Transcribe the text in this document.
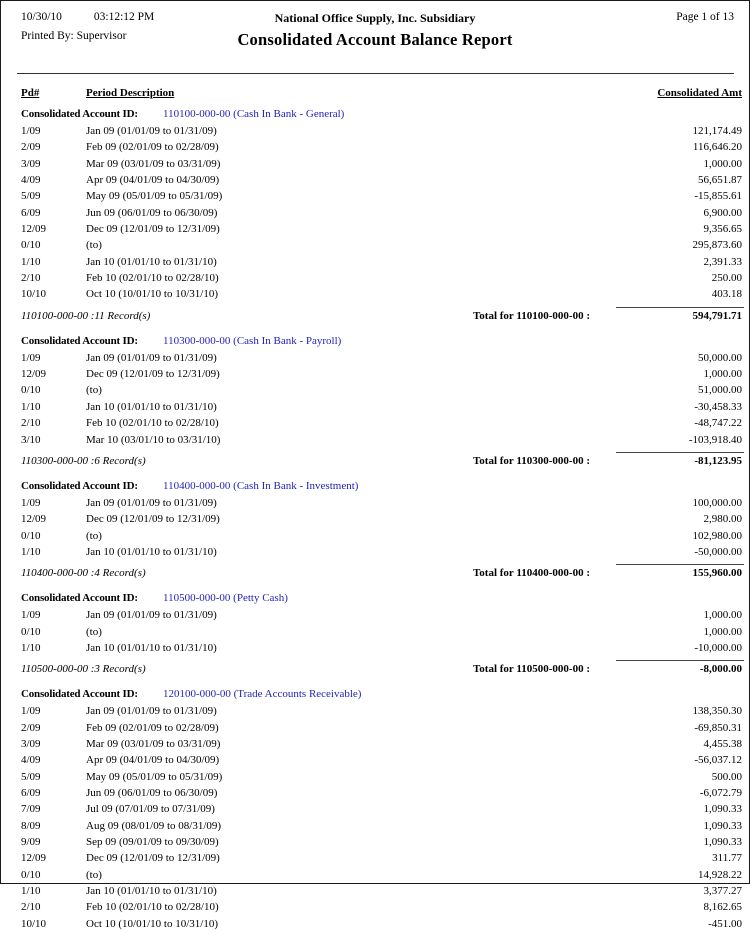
10/30/10	03:12:12 PM
Printed By: Supervisor
National Office Supply, Inc. Subsidiary
Consolidated Account Balance Report
Page 1 of 13
Pd#	Period Description	Consolidated Amt
Consolidated Account ID:	110100-000-00 (Cash In Bank - General)
1/09	Jan 09 (01/01/09 to 01/31/09)	121,174.49
2/09	Feb 09 (02/01/09 to 02/28/09)	116,646.20
3/09	Mar 09 (03/01/09 to 03/31/09)	1,000.00
4/09	Apr 09 (04/01/09 to 04/30/09)	56,651.87
5/09	May 09 (05/01/09 to 05/31/09)	-15,855.61
6/09	Jun 09 (06/01/09 to 06/30/09)	6,900.00
12/09	Dec 09 (12/01/09 to 12/31/09)	9,356.65
0/10	(to)	295,873.60
1/10	Jan 10 (01/01/10 to 01/31/10)	2,391.33
2/10	Feb 10 (02/01/10 to 02/28/10)	250.00
10/10	Oct 10 (10/01/10 to 10/31/10)	403.18
110100-000-00 :11 Record(s)	Total for 110100-000-00 :	594,791.71
Consolidated Account ID:	110300-000-00 (Cash In Bank - Payroll)
1/09	Jan 09 (01/01/09 to 01/31/09)	50,000.00
12/09	Dec 09 (12/01/09 to 12/31/09)	1,000.00
0/10	(to)	51,000.00
1/10	Jan 10 (01/01/10 to 01/31/10)	-30,458.33
2/10	Feb 10 (02/01/10 to 02/28/10)	-48,747.22
3/10	Mar 10 (03/01/10 to 03/31/10)	-103,918.40
110300-000-00 :6 Record(s)	Total for 110300-000-00 :	-81,123.95
Consolidated Account ID:	110400-000-00 (Cash In Bank - Investment)
1/09	Jan 09 (01/01/09 to 01/31/09)	100,000.00
12/09	Dec 09 (12/01/09 to 12/31/09)	2,980.00
0/10	(to)	102,980.00
1/10	Jan 10 (01/01/10 to 01/31/10)	-50,000.00
110400-000-00 :4 Record(s)	Total for 110400-000-00 :	155,960.00
Consolidated Account ID:	110500-000-00 (Petty Cash)
1/09	Jan 09 (01/01/09 to 01/31/09)	1,000.00
0/10	(to)	1,000.00
1/10	Jan 10 (01/01/10 to 01/31/10)	-10,000.00
110500-000-00 :3 Record(s)	Total for 110500-000-00 :	-8,000.00
Consolidated Account ID:	120100-000-00 (Trade Accounts Receivable)
1/09	Jan 09 (01/01/09 to 01/31/09)	138,350.30
2/09	Feb 09 (02/01/09 to 02/28/09)	-69,850.31
3/09	Mar 09 (03/01/09 to 03/31/09)	4,455.38
4/09	Apr 09 (04/01/09 to 04/30/09)	-56,037.12
5/09	May 09 (05/01/09 to 05/31/09)	500.00
6/09	Jun 09 (06/01/09 to 06/30/09)	-6,072.79
7/09	Jul 09 (07/01/09 to 07/31/09)	1,090.33
8/09	Aug 09 (08/01/09 to 08/31/09)	1,090.33
9/09	Sep 09 (09/01/09 to 09/30/09)	1,090.33
12/09	Dec 09 (12/01/09 to 12/31/09)	311.77
0/10	(to)	14,928.22
1/10	Jan 10 (01/01/10 to 01/31/10)	3,377.27
2/10	Feb 10 (02/01/10 to 02/28/10)	8,162.65
10/10	Oct 10 (10/01/10 to 10/31/10)	-451.00
